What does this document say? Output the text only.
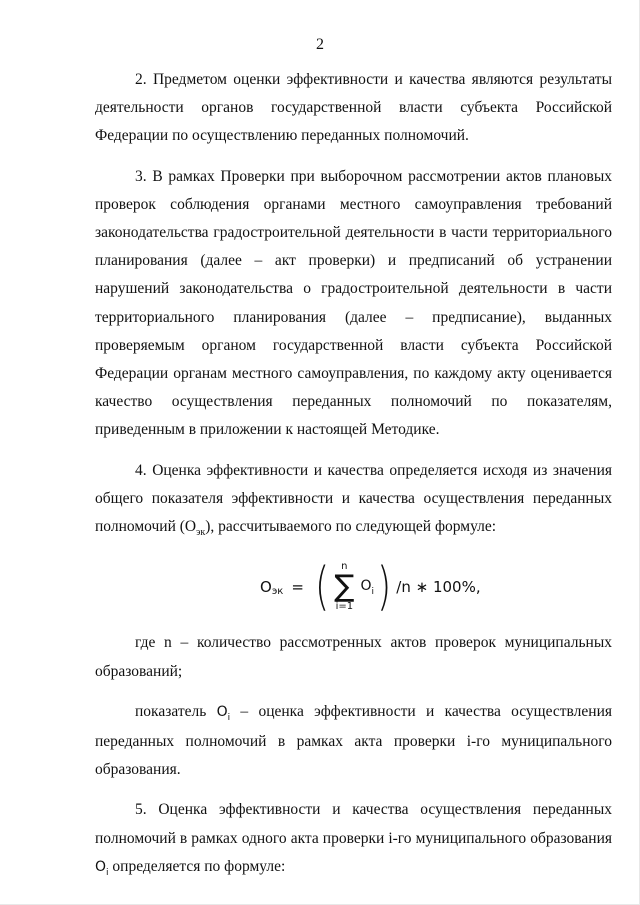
2

2. Предметом оценки эффективности и качества являются результаты деятельности органов государственной власти субъекта Российской Федерации по осуществлению переданных полномочий.

3. В рамках Проверки при выборочном рассмотрении актов плановых проверок соблюдения органами местного самоуправления требований законодательства градостроительной деятельности в части территориального планирования (далее – акт проверки) и предписаний об устранении нарушений законодательства о градостроительной деятельности в части территориального планирования (далее – предписание), выданных проверяемым органом государственной власти субъекта Российской Федерации органам местного самоуправления, по каждому акту оценивается качество осуществления переданных полномочий по показателям, приведенным в приложении к настоящей Методике.

4. Оценка эффективности и качества определяется исходя из значения общего показателя эффективности и качества осуществления переданных полномочий $(О_{эк})$, рассчитываемого по следующей формуле:

О эк = ( n
∑
i=1
$O_i$ ) /n ∗ 100%,

где n – количество рассмотренных актов проверок муниципальных образований;

показатель $O_i$ – оценка эффективности и качества осуществления переданных полномочий в рамках акта проверки i-го муниципального образования.

5. Оценка эффективности и качества осуществления переданных полномочий в рамках одного акта проверки i-го муниципального образования $O_i$ определяется по формуле:
